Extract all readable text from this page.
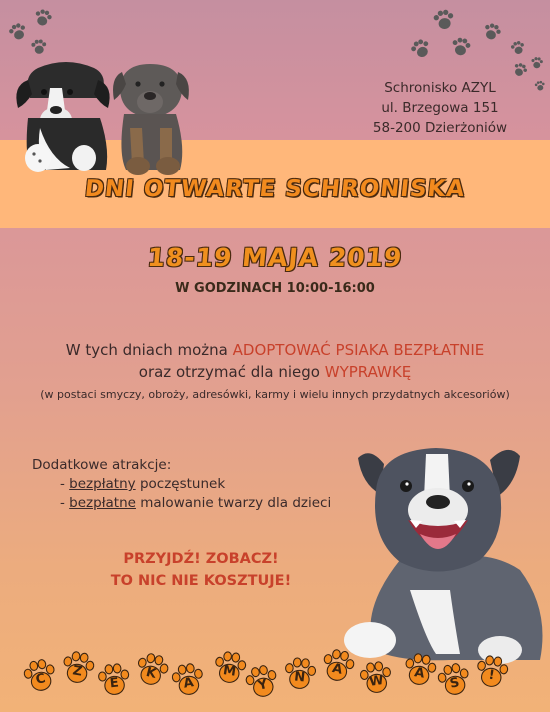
Schronisko AZYL
ul. Brzegowa 151
58-200 Dzierżoniów
DNI OTWARTE SCHRONISKA
18-19 MAJA 2019
W GODZINACH 10:00-16:00
W tych dniach można ADOPTOWAĆ PSIAKA BEZPŁATNIE
oraz otrzymać dla niego WYPRAWKĘ
(w postaci smyczy, obroży, adresówki, karmy i wielu innych przydatnych akcesoriów)
Dodatkowe atrakcje:
- bezpłatny poczęstunek
- bezpłatne malowanie twarzy dla dzieci
PRZYJDŹ! ZOBACZ!
TO NIC NIE KOSZTUJE!
C	Z
E
K
A
M
Y	N	A
W	A
S	!
